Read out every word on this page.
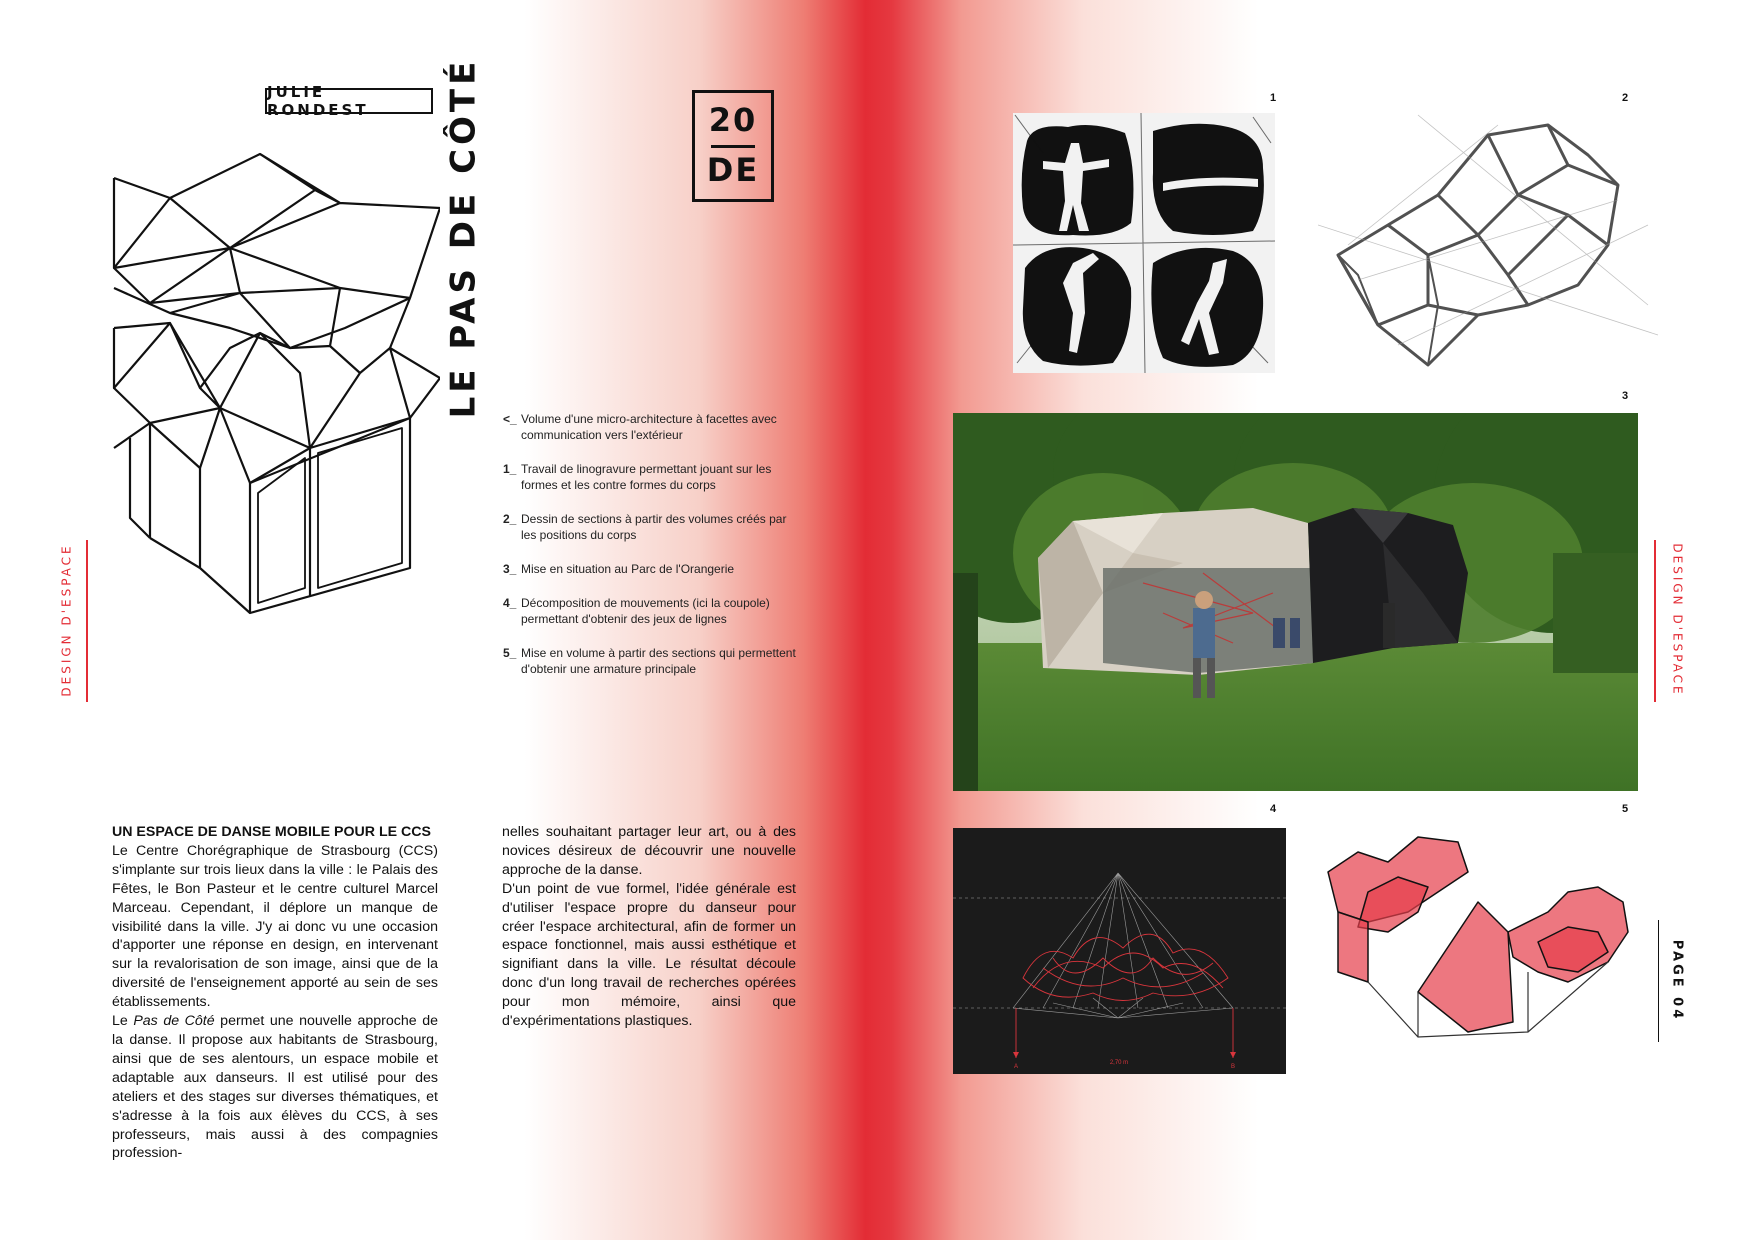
JULIE RONDEST	LE PAS DE CÔTÉ	20
DE
<_ Volume d'une micro-architecture à facettes avec communication vers l'extérieur
1_ Travail de linogravure permettant jouant sur les formes et les contre formes du corps
2_ Dessin de sections à partir des volumes créés par les positions du corps
3_ Mise en situation au Parc de l'Orangerie
4_ Décomposition de mouvements (ici la coupole) permettant d'obtenir des jeux de lignes
5_ Mise en volume à partir des sections qui permettent d'obtenir une armature principale
UN ESPACE DE DANSE MOBILE POUR LE CCS

Le Centre Chorégraphique de Strasbourg (CCS) s'implante sur trois lieux dans la ville : le Palais des Fêtes, le Bon Pasteur et le centre culturel Marcel Marceau. Cependant, il déplore un manque de visibilité dans la ville. J'y ai donc vu une occasion d'apporter une réponse en design, en intervenant sur la revalorisation de son image, ainsi que de la diversité de l'enseignement apporté au sein de ses établissements.

Le Pas de Côté permet une nouvelle approche de la danse. Il propose aux habitants de Strasbourg, ainsi que de ses alentours, un espace mobile et adaptable aux danseurs. Il est utilisé pour des ateliers et des stages sur diverses thématiques, et s'adresse à la fois aux élèves du CCS, à ses professeurs, mais aussi à des compagnies profession-

nelles souhaitant partager leur art, ou à des novices désireux de découvrir une nouvelle approche de la danse.

D'un point de vue formel, l'idée générale est d'utiliser l'espace propre du danseur pour créer l'espace architectural, afin de former un espace fonctionnel, mais aussi esthétique et signifiant dans la ville. Le résultat découle donc d'un long travail de recherches opérées pour mon mémoire, ainsi que d'expérimentations plastiques.

DESIGN D'ESPACE	DESIGN D'ESPACE
PAGE 04
1	2
3
4	5
2,70 m
A	B
